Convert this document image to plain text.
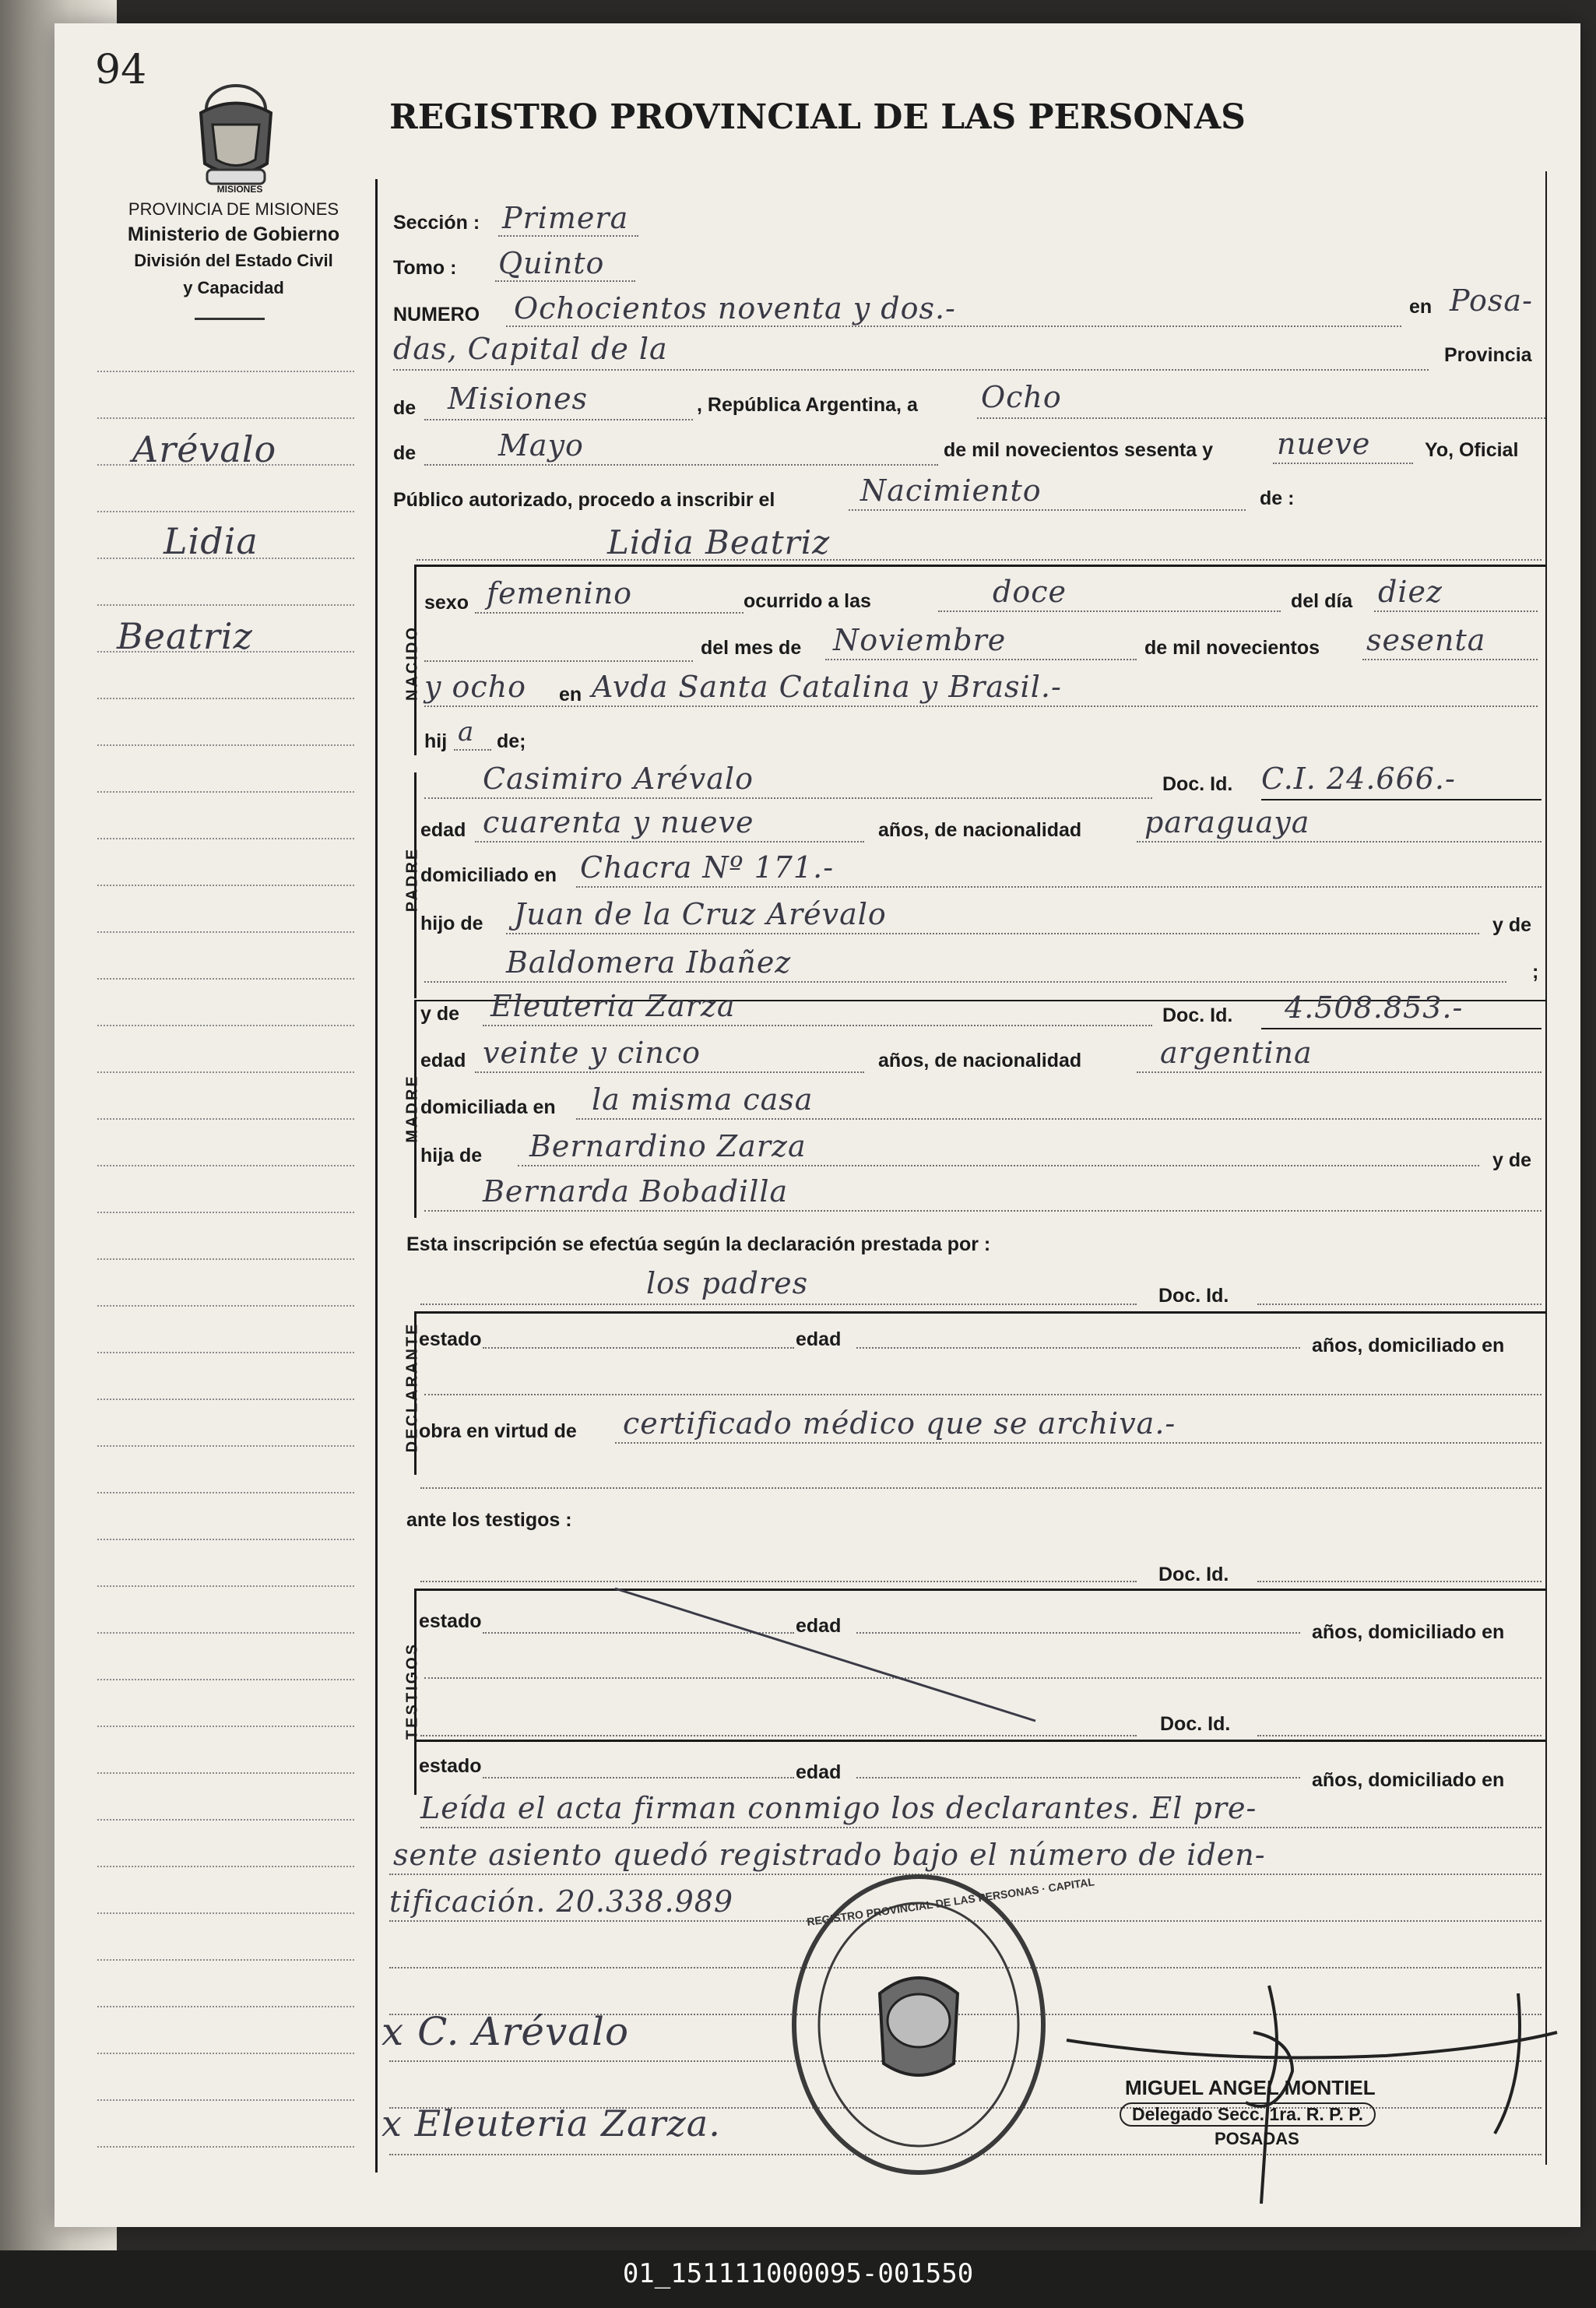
94
MISIONES
REGISTRO PROVINCIAL DE LAS PERSONAS
PROVINCIA DE MISIONES
Ministerio de Gobierno
División del Estado Civil
y Capacidad
Arévalo
Lidia
Beatriz
Sección : Primera
Tomo : Quinto
NUMERO Ochocientos noventa y dos.-	en Posa-
das, Capital de la	Provincia
de Misiones	, República Argentina, a Ocho
de	Mayo	de mil novecientos sesenta y nueve	Yo, Oficial
Público autorizado, procedo a inscribir el	Nacimiento	de :
Lidia Beatriz
NACIDO
sexo femenino	ocurrido a las	doce	del día diez
del mes de Noviembre	de mil novecientos sesenta
y ocho en Avda Santa Catalina y Brasil.-
hij a de;
PADRE
Casimiro Arévalo	Doc. Id. C.I. 24.666.-
edad cuarenta y nueve	años, de nacionalidad paraguaya
domiciliado en Chacra Nº 171.-
hijo de Juan de la Cruz Arévalo	y de
Baldomera Ibañez	;
MADRE
y de Eleuteria Zarza	Doc. Id. 4.508.853.-
edad veinte y cinco	años, de nacionalidad	argentina
domiciliada en la misma casa
hija de Bernardino Zarza	y de
Bernarda Bobadilla
Esta inscripción se efectúa según la declaración prestada por :
los padres	Doc. Id.
DECLARANTE
estado	edad	años, domiciliado en
obra en virtud de certificado médico que se archiva.-
ante los testigos :
Doc. Id.
TESTIGOS
estado	edad	años, domiciliado en
Doc. Id.
estado	edad	años, domiciliado en
Leída el acta firman conmigo los declarantes. El pre-
sente asiento quedó registrado bajo el número de iden-
tificación. 20.338.989
x C. Arévalo
x Eleuteria Zarza.
REGISTRO PROVINCIAL DE LAS PERSONAS · CAPITAL
MIGUEL ANGEL MONTIEL
Delegado Secc. 1ra. R. P. P.
POSADAS
01_151111000095-001550
